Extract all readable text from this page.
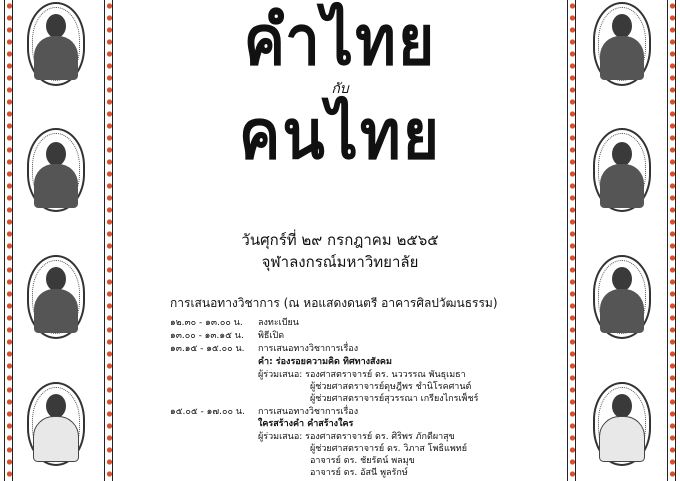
คำไทย
กับ
คนไทย
วันศุกร์ที่ ๒๙ กรกฎาคม ๒๕๖๕
จุฬาลงกรณ์มหาวิทยาลัย
การเสนอทางวิชาการ (ณ หอแสดงดนตรี อาคารศิลปวัฒนธรรม)
๑๒.๓๐ - ๑๓.๐๐ น. ลงทะเบียน
๑๓.๐๐ - ๑๓.๑๕ น. พิธีเปิด
๑๓.๑๕ - ๑๕.๐๐ น. การเสนอทางวิชาการเรื่อง
คำ: ร่องรอยความคิด ทิศทางสังคม
ผู้ร่วมเสนอ: รองศาสตราจารย์ ดร. นววรรณ พันธุเมธา
ผู้ช่วยศาสตราจารย์ดุษฎีพร ชำนิโรคศานต์
ผู้ช่วยศาสตราจารย์สุวรรณา เกรียงไกรเพ็ชร์
๑๕.๐๕ - ๑๗.๐๐ น. การเสนอทางวิชาการเรื่อง
ใครสร้างคำ คำสร้างใคร
ผู้ร่วมเสนอ: รองศาสตราจารย์ ดร. ศิริพร ภักดีผาสุข
ผู้ช่วยศาสตราจารย์ ดร. วิภาส โพธิแพทย์
อาจารย์ ดร. ชัยรัตน์ พลมุข
อาจารย์ ดร. อัสนี พูลรักษ์
